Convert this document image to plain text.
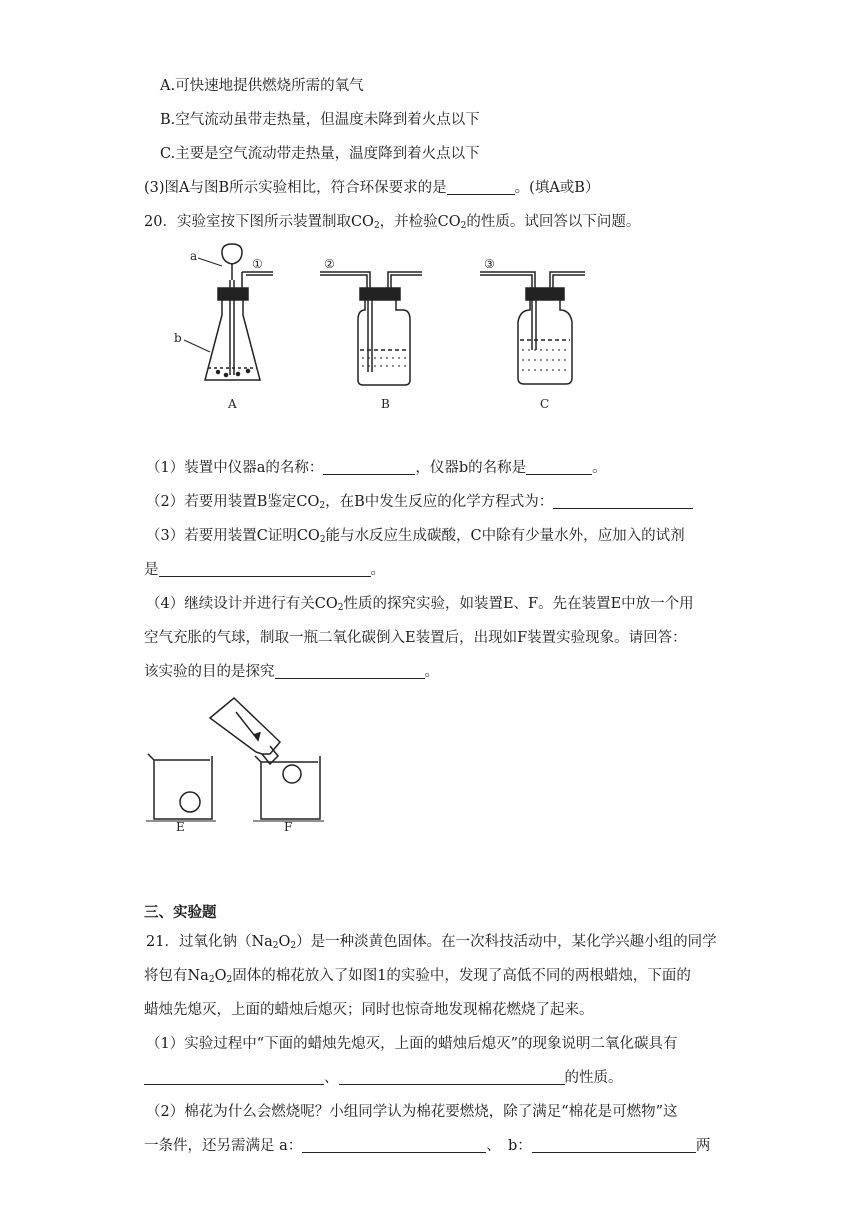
A.可快速地提供燃烧所需的氧气
B.空气流动虽带走热量，但温度未降到着火点以下
C.主要是空气流动带走热量，温度降到着火点以下
(3)图A与图B所示实验相比，符合环保要求的是	。(填A或B）
20．实验室按下图所示装置制取$CO_2$，并检验$CO_2$的性质。试回答以下问题。
a
b
①
A
②
B
③
C
（1）装置中仪器a的名称：	，仪器b的名称是	。
（2）若要用装置B鉴定$CO_2$，在B中发生反应的化学方程式为：
（3）若要用装置C证明$CO_2$能与水反应生成碳酸，C中除有少量水外，应加入的试剂
是	。
（4）继续设计并进行有关$CO_2$性质的探究实验，如装置E、F。先在装置E中放一个用
空气充胀的气球，制取一瓶二氧化碳倒入E装置后，出现如F装置实验现象。请回答：
该实验的目的是探究	。
E	F
三、实验题
21．过氧化钠$(Na_2O_2)$是一种淡黄色固体。在一次科技活动中，某化学兴趣小组的同学
将包有$Na_2O_2$固体的棉花放入了如图1的实验中，发现了高低不同的两根蜡烛，下面的
蜡烛先熄灭，上面的蜡烛后熄灭；同时也惊奇地发现棉花燃烧了起来。
（1）实验过程中“下面的蜡烛先熄灭，上面的蜡烛后熄灭”的现象说明二氧化碳具有
、	的性质。
（2）棉花为什么会燃烧呢？小组同学认为棉花要燃烧，除了满足“棉花是可燃物”这
一条件，还另需满足 a：	、　b：	两
